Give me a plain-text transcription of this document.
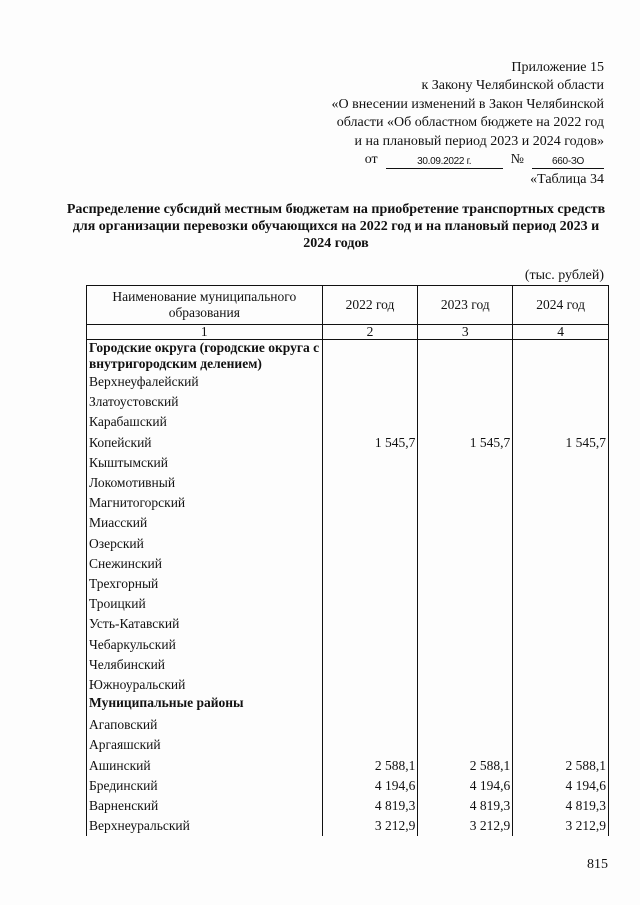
Приложение 15
к Закону Челябинской области
«О внесении изменений в Закон Челябинской
области «Об областном бюджете на 2022 год
и на плановый период 2023 и 2024 годов»
от	30.09.2022 г.	№	660-ЗО
«Таблица 34
Распределение субсидий местным бюджетам на приобретение транспортных средств для организации перевозки обучающихся на 2022 год и на плановый период 2023 и 2024 годов
(тыс. рублей)
Наименование муниципального образования	2022 год	2023 год	2024 год
1	2	3	4
Городские округа (городские округа с внутригородским делением)			
Верхнеуфалейский			
Златоустовский			
Карабашский			
Копейский	1 545,7	1 545,7	1 545,7
Кыштымский			
Локомотивный			
Магнитогорский			
Миасский			
Озерский			
Снежинский			
Трехгорный			
Троицкий			
Усть-Катавский			
Чебаркульский			
Челябинский			
Южноуральский			
Муниципальные районы			
Агаповский			
Аргаяшский			
Ашинский	2 588,1	2 588,1	2 588,1
Брединский	4 194,6	4 194,6	4 194,6
Варненский	4 819,3	4 819,3	4 819,3
Верхнеуральский	3 212,9	3 212,9	3 212,9
815
